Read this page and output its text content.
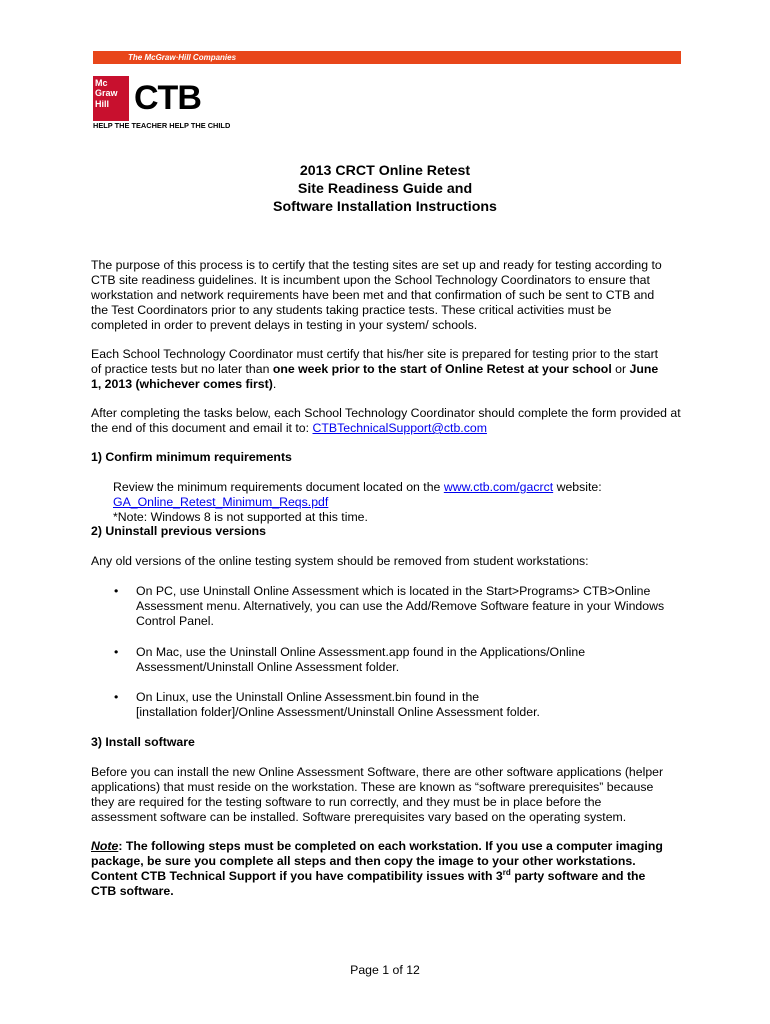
The McGraw·Hill Companies
Mc
Graw
Hill CTB
HELP THE TEACHER HELP THE CHILD
2013 CRCT Online Retest
Site Readiness Guide and
Software Installation Instructions
The purpose of this process is to certify that the testing sites are set up and ready for testing according to
CTB site readiness guidelines. It is incumbent upon the School Technology Coordinators to ensure that
workstation and network requirements have been met and that confirmation of such be sent to CTB and
the Test Coordinators prior to any students taking practice tests. These critical activities must be
completed in order to prevent delays in testing in your system/ schools.
Each School Technology Coordinator must certify that his/her site is prepared for testing prior to the start
of practice tests but no later than one week prior to the start of Online Retest at your school or June
1, 2013 (whichever comes first).
After completing the tasks below, each School Technology Coordinator should complete the form provided at
the end of this document and email it to: CTBTechnicalSupport@ctb.com
1) Confirm minimum requirements
Review the minimum requirements document located on the www.ctb.com/gacrct website:
GA_Online_Retest_Minimum_Reqs.pdf
*Note: Windows 8 is not supported at this time.
2) Uninstall previous versions
Any old versions of the online testing system should be removed from student workstations:
• On PC, use Uninstall Online Assessment which is located in the Start>Programs> CTB>Online
Assessment menu. Alternatively, you can use the Add/Remove Software feature in your Windows
Control Panel.
• On Mac, use the Uninstall Online Assessment.app found in the Applications/Online
Assessment/Uninstall Online Assessment folder.
• On Linux, use the Uninstall Online Assessment.bin found in the
[installation folder]/Online Assessment/Uninstall Online Assessment folder.
3) Install software
Before you can install the new Online Assessment Software, there are other software applications (helper
applications) that must reside on the workstation. These are known as “software prerequisites” because
they are required for the testing software to run correctly, and they must be in place before the
assessment software can be installed. Software prerequisites vary based on the operating system.
Note: The following steps must be completed on each workstation. If you use a computer imaging
package, be sure you complete all steps and then copy the image to your other workstations.
Content CTB Technical Support if you have compatibility issues with 3rd party software and the
CTB software.
Page 1 of 12
